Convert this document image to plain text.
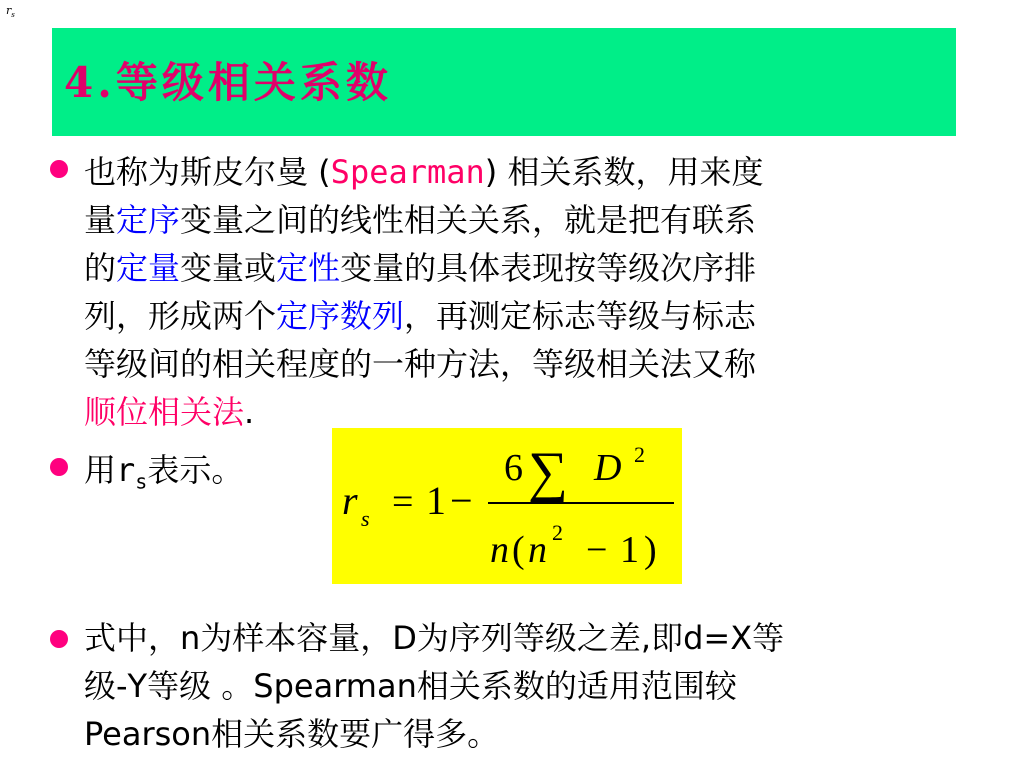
$r_s$
4.等级相关系数
也称为斯皮尔曼 (Spearman) 相关系数，用来度
量定序变量之间的线性相关关系，就是把有联系
的定量变量或定性变量的具体表现按等级次序排
列，形成两个定序数列，再测定标志等级与标志
等级间的相关程度的一种方法，等级相关法又称
顺位相关法.
用$r_s$表示。
r s = 1 −
6 ∑ D 2
n ( n 2 − 1 )
式中，n为样本容量，D为序列等级之差,即d=X等
级-Y等级 。Spearman相关系数的适用范围较
Pearson相关系数要广得多。
